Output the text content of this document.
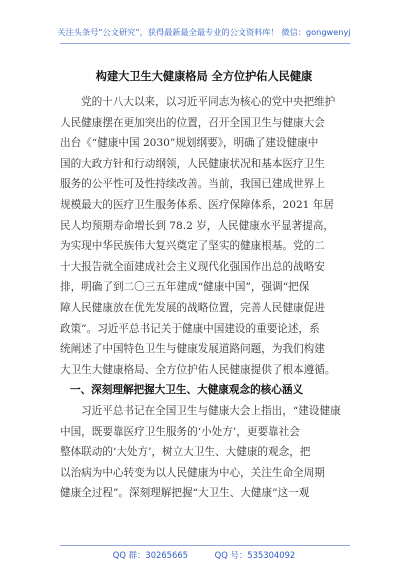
关注头条号“公文研究”，获得最新最全最专业的公文资料库！ 微信：gongwenyj
构建大卫生大健康格局 全方位护佑人民健康
党的十八大以来，以习近平同志为核心的党中央把维护
人民健康摆在更加突出的位置，召开全国卫生与健康大会
出台《“健康中国 2030”规划纲要》，明确了建设健康中
国的大政方针和行动纲领，人民健康状况和基本医疗卫生
服务的公平性可及性持续改善。当前，我国已建成世界上
规模最大的医疗卫生服务体系、医疗保障体系，2021 年居
民人均预期寿命增长到 78.2 岁，人民健康水平显著提高，
为实现中华民族伟大复兴奠定了坚实的健康根基。党的二
十大报告就全面建成社会主义现代化强国作出总的战略安
排，明确了到二〇三五年建成“健康中国”，强调“把保
障人民健康放在优先发展的战略位置，完善人民健康促进
政策”。习近平总书记关于健康中国建设的重要论述，系
统阐述了中国特色卫生与健康发展道路问题，为我们构建
大卫生大健康格局、全方位护佑人民健康提供了根本遵循。
一、深刻理解把握大卫生、大健康观念的核心涵义
习近平总书记在全国卫生与健康大会上指出，“建设健康
中国，既要靠医疗卫生服务的‘小处方’，更要靠社会
整体联动的‘大处方’，树立大卫生、大健康的观念，把
以治病为中心转变为以人民健康为中心，关注生命全周期
健康全过程”。深刻理解把握“大卫生、大健康”这一观
QQ 群：30265665	QQ 号：535304092
